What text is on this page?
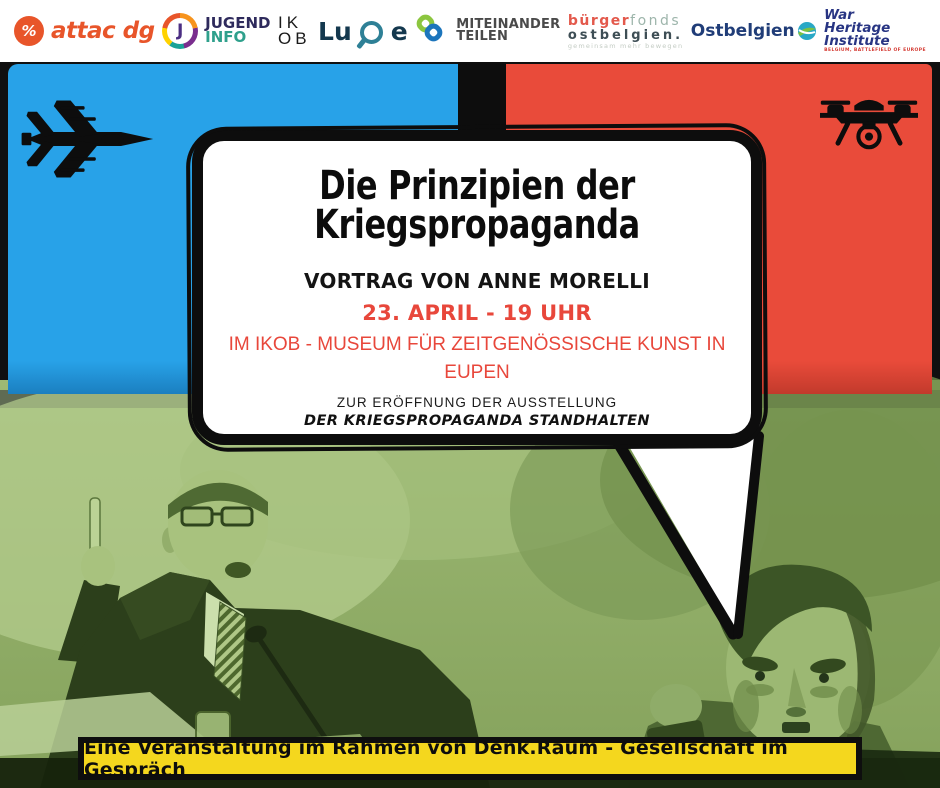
Die Prinzipien der Kriegspropaganda
VORTRAG VON ANNE MORELLI
23. APRIL - 19 UHR
IM IKOB - MUSEUM FÜR ZEITGENÖSSISCHE KUNST IN EUPEN
ZUR ERÖFFNUNG DER AUSSTELLUNG
DER KRIEGSPROPAGANDA STANDHALTEN
% attac dg	J	JUGEND
INFO
IK
OB Lu e	MITEINANDER
TEILEN
bürgerfonds
ostbelgien.
gemeinsam mehr bewegen
Ostbelgien
War
Heritage
Institute
BELGIUM, BATTLEFIELD OF EUROPE
Eine Veranstaltung im Rahmen von Denk.Raum - Gesellschaft im Gespräch
